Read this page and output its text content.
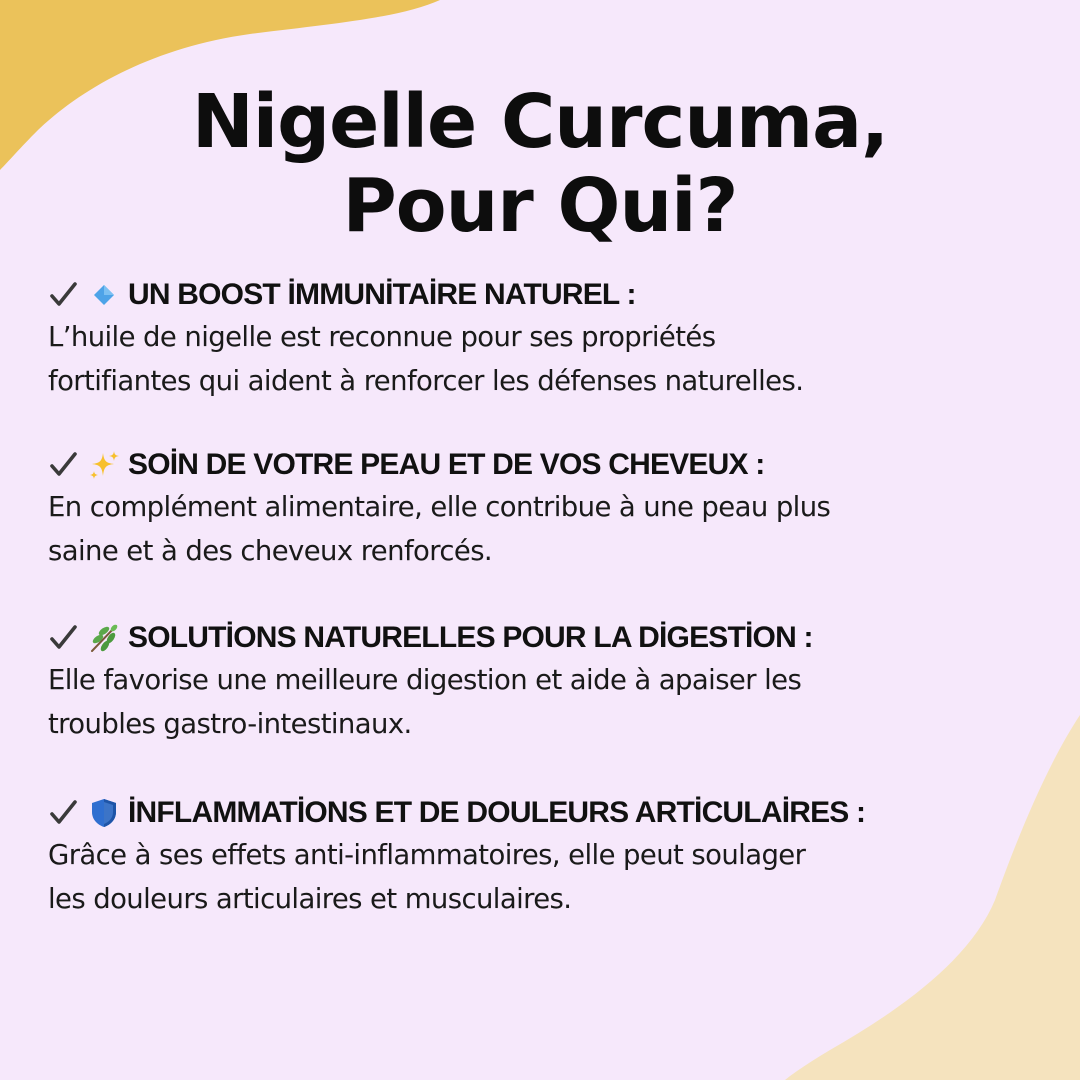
Nigelle Curcuma,
Pour Qui?
UN BOOST İMMUNİTAİRE NATUREL :
L’huile de nigelle est reconnue pour ses propriétés
fortifiantes qui aident à renforcer les défenses naturelles.
SOİN DE VOTRE PEAU ET DE VOS CHEVEUX :
En complément alimentaire, elle contribue à une peau plus
saine et à des cheveux renforcés.
SOLUTİONS NATURELLES POUR LA DİGESTİON :
Elle favorise une meilleure digestion et aide à apaiser les
troubles gastro-intestinaux.
İNFLAMMATİONS ET DE DOULEURS ARTİCULAİRES :
Grâce à ses effets anti-inflammatoires, elle peut soulager
les douleurs articulaires et musculaires.
